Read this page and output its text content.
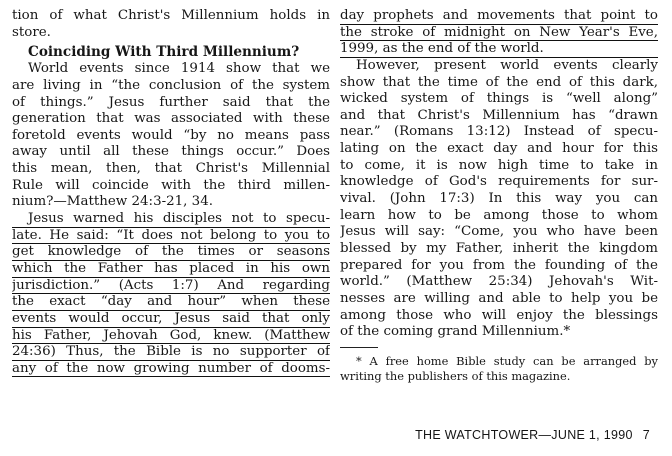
tion of what Christ's Millennium holds in
store.
Coinciding With Third Millennium?
World events since 1914 show that we
are living in “the conclusion of the system
of things.” Jesus further said that the
generation that was associated with these
foretold events would “by no means pass
away until all these things occur.” Does
this mean, then, that Christ's Millennial
Rule will coincide with the third millen-
nium?—Matthew 24:3-21, 34.
Jesus warned his disciples not to specu-
late. He said: “It does not belong to you to
get knowledge of the times or seasons
which the Father has placed in his own
jurisdiction.” (Acts 1:7) And regarding
the exact “day and hour” when these
events would occur, Jesus said that only
his Father, Jehovah God, knew. (Matthew
24:36) Thus, the Bible is no supporter of
any of the now growing number of dooms-
day prophets and movements that point to
the stroke of midnight on New Year's Eve,
1999, as the end of the world.
However, present world events clearly
show that the time of the end of this dark,
wicked system of things is “well along”
and that Christ's Millennium has “drawn
near.” (Romans 13:12) Instead of specu-
lating on the exact day and hour for this
to come, it is now high time to take in
knowledge of God's requirements for sur-
vival. (John 17:3) In this way you can
learn how to be among those to whom
Jesus will say: “Come, you who have been
blessed by my Father, inherit the kingdom
prepared for you from the founding of the
world.” (Matthew 25:34) Jehovah's Wit-
nesses are willing and able to help you be
among those who will enjoy the blessings
of the coming grand Millennium.*
* A free home Bible study can be arranged by
writing the publishers of this magazine.
THE WATCHTOWER—JUNE 1, 1990 7
